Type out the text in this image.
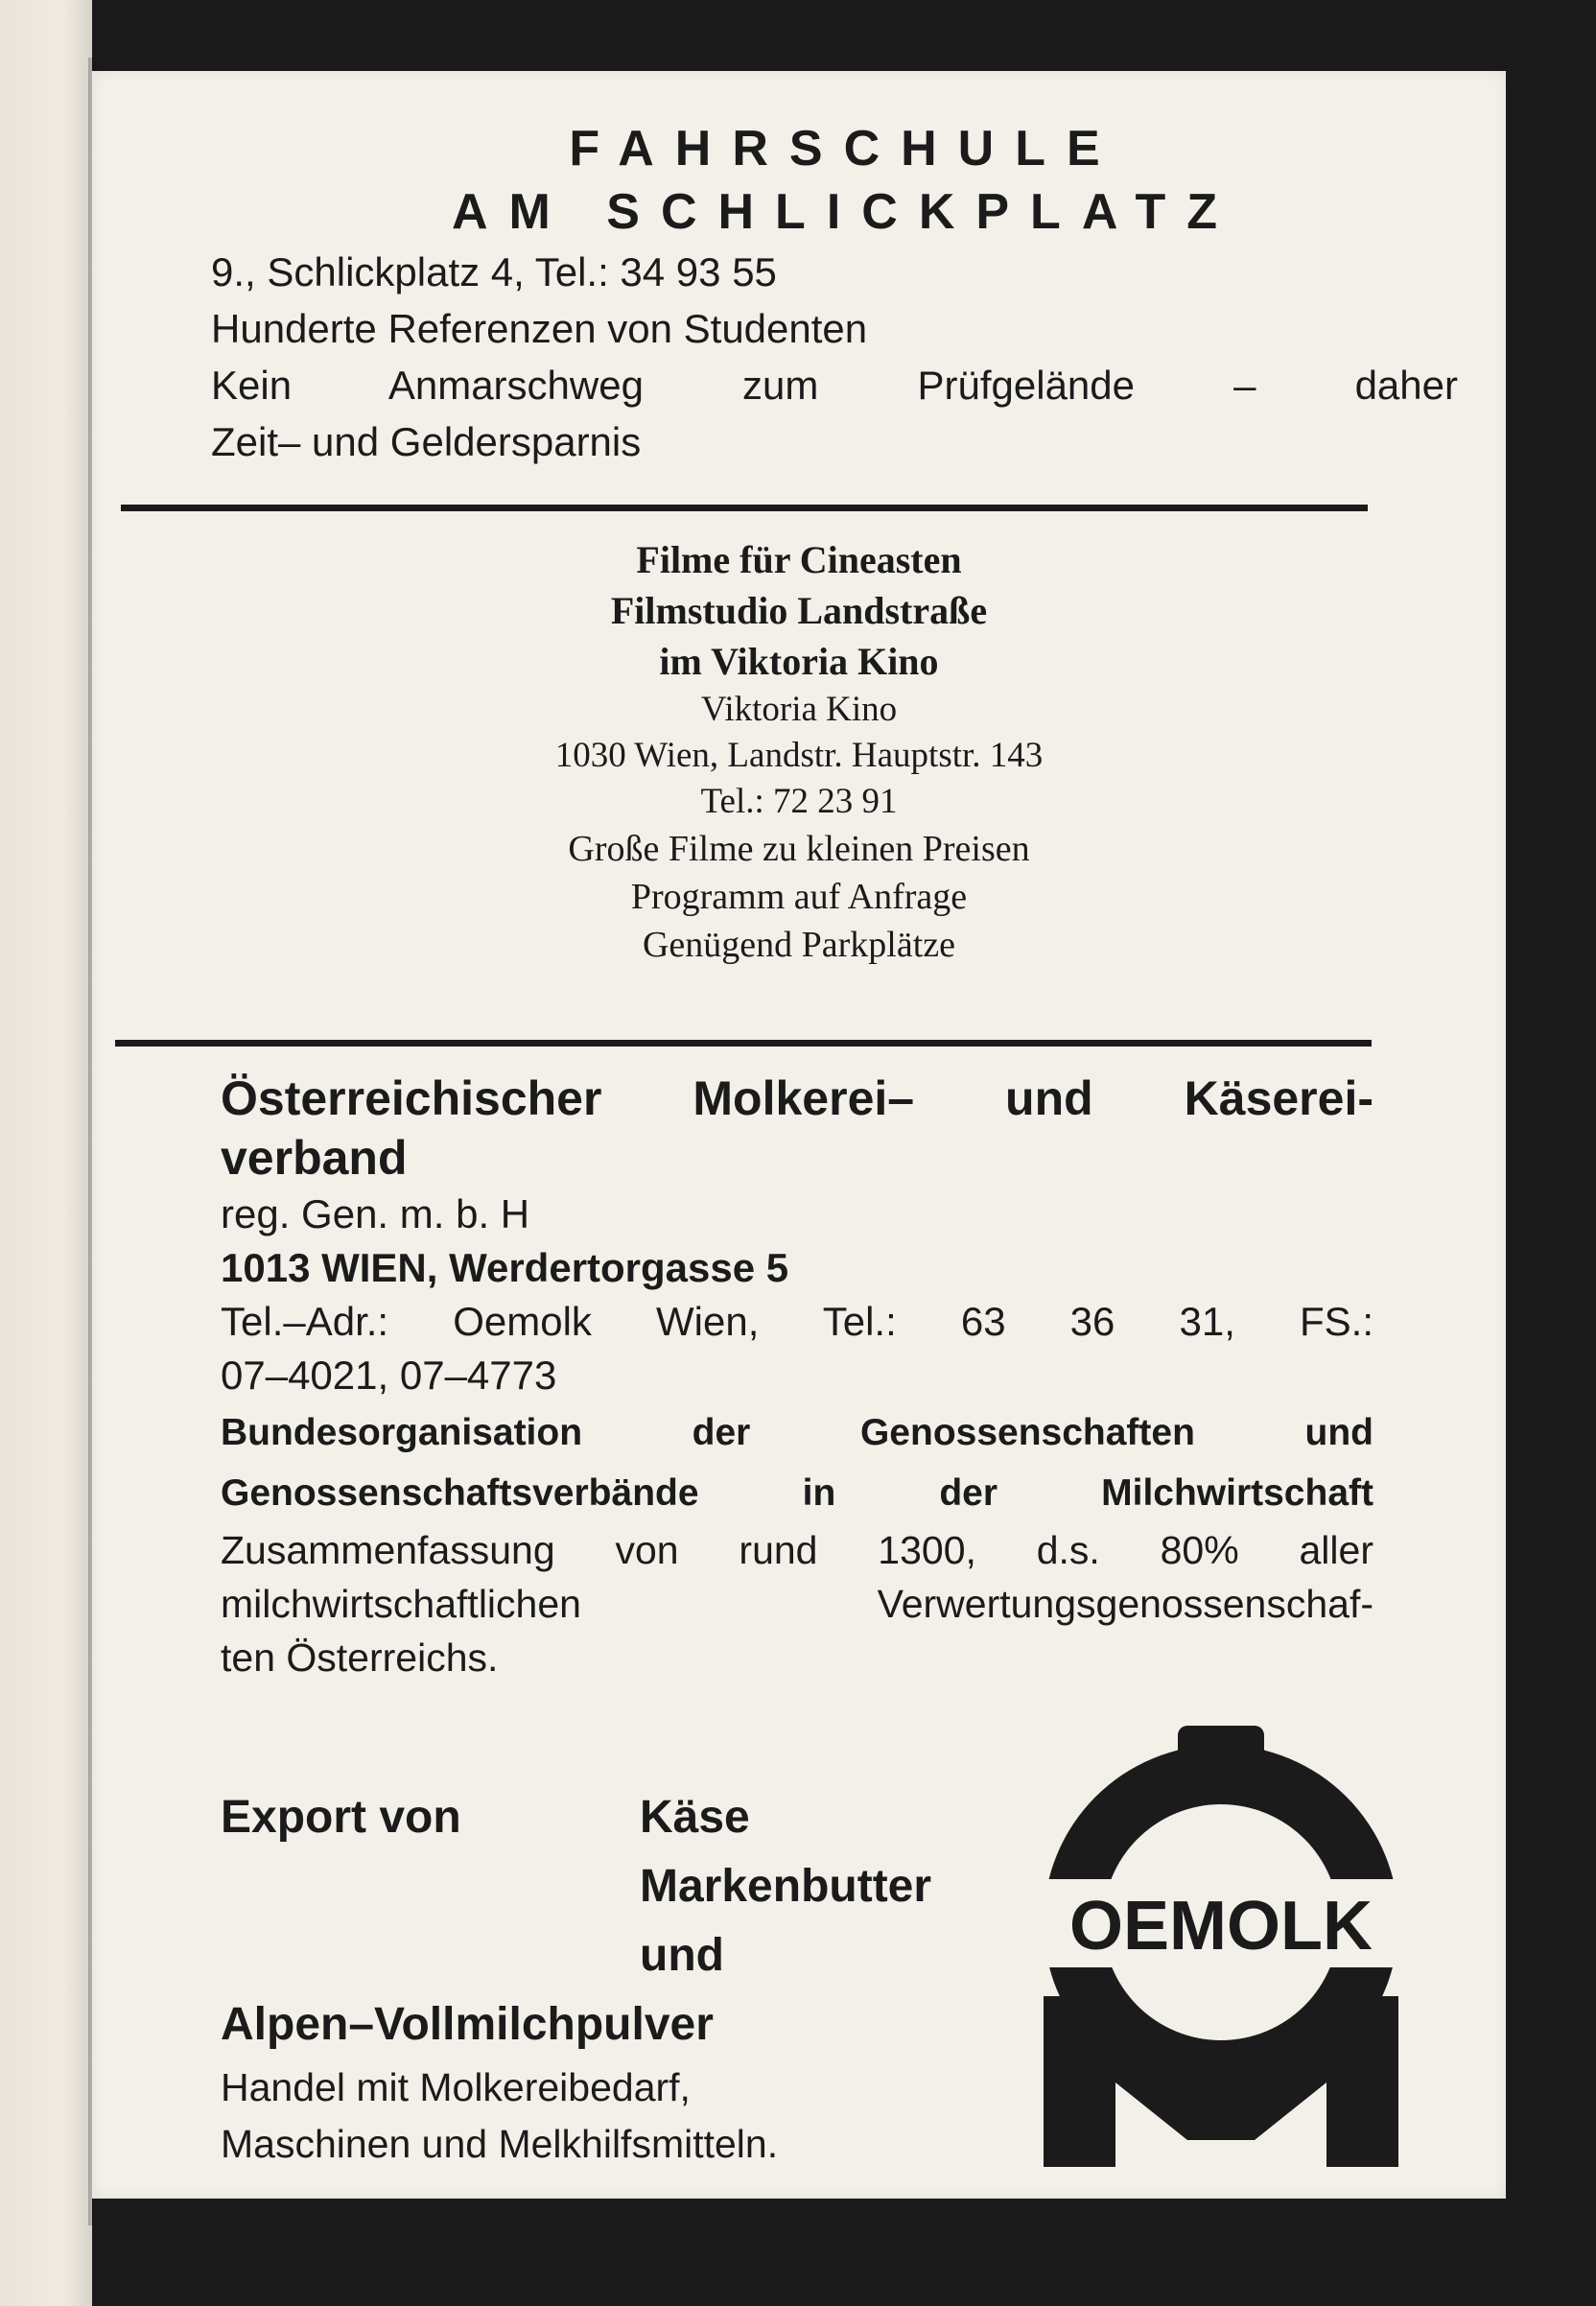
FAHRSCHULE
AM SCHLICKPLATZ
9., Schlickplatz 4, Tel.: 34 93 55
Hunderte Referenzen von Studenten
Kein Anmarschweg zum Prüfgelände – daher
Zeit– und Geldersparnis
Filme für Cineasten
Filmstudio Landstraße
im Viktoria Kino
Viktoria Kino
1030 Wien, Landstr. Hauptstr. 143
Tel.: 72 23 91
Große Filme zu kleinen Preisen
Programm auf Anfrage
Genügend Parkplätze
Österreichischer Molkerei– und Käserei-
verband
reg. Gen. m. b. H
1013 WIEN, Werdertorgasse 5
Tel.–Adr.: Oemolk Wien, Tel.: 63 36 31, FS.:
07–4021, 07–4773
Bundesorganisation der Genossenschaften und
Genossenschaftsverbände in der Milchwirtschaft
Zusammenfassung von rund 1300, d.s. 80% aller
milchwirtschaftlichen Verwertungsgenossenschaf-
ten Österreichs.
Export von	Käse
Markenbutter
und
Alpen–Vollmilchpulver
Handel mit Molkereibedarf,
Maschinen und Melkhilfsmitteln.
OEMOLK
